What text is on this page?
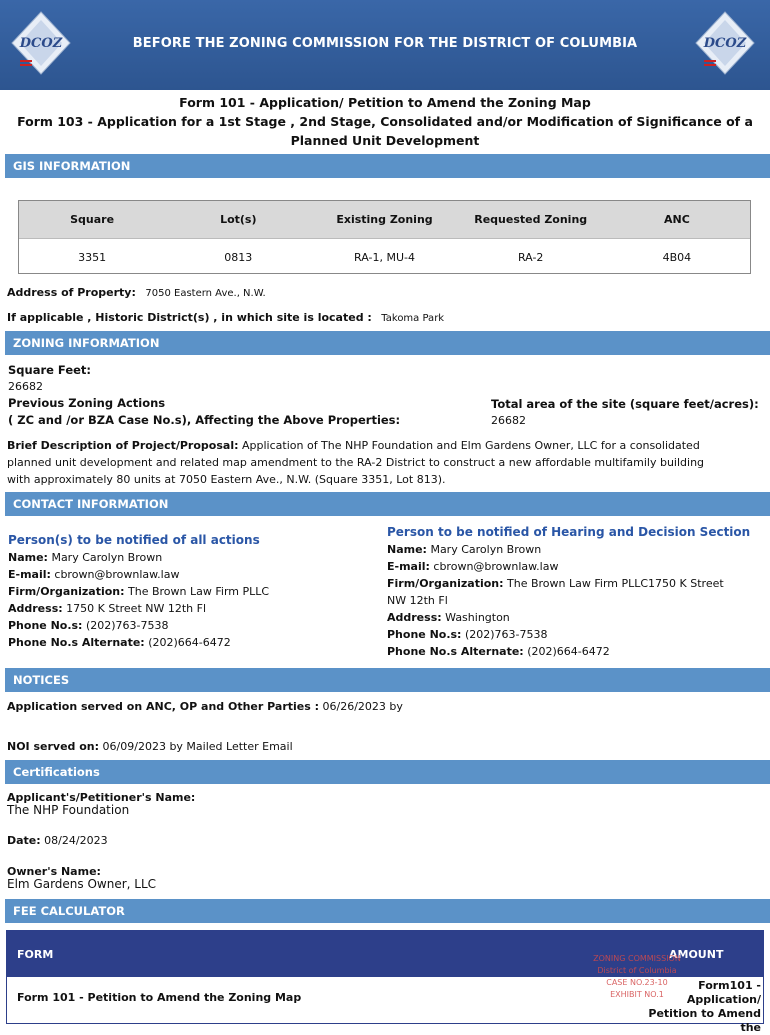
DCOZ	BEFORE THE ZONING COMMISSION FOR THE DISTRICT OF COLUMBIA	DCOZ
Form 101 - Application/ Petition to Amend the Zoning Map
Form 103 - Application for a 1st Stage , 2nd Stage, Consolidated and/or Modification of Significance of a
Planned Unit Development
GIS INFORMATION
Square	Lot(s)	Existing Zoning	Requested Zoning	ANC
3351	0813	RA-1, MU-4	RA-2	4B04
Address of Property: 7050 Eastern Ave., N.W.
If applicable , Historic District(s) , in which site is located : Takoma Park
ZONING INFORMATION
Square Feet:
26682
Previous Zoning Actions
( ZC and /or BZA Case No.s), Affecting the Above Properties:
Total area of the site (square feet/acres):
26682
Brief Description of Project/Proposal: Application of The NHP Foundation and Elm Gardens Owner, LLC for a consolidated
planned unit development and related map amendment to the RA-2 District to construct a new affordable multifamily building
with approximately 80 units at 7050 Eastern Ave., N.W. (Square 3351, Lot 813).
CONTACT INFORMATION
Person(s) to be notified of all actions
Name: Mary Carolyn Brown
E-mail: cbrown@brownlaw.law
Firm/Organization: The Brown Law Firm PLLC
Address: 1750 K Street NW 12th Fl
Phone No.s: (202)763-7538
Phone No.s Alternate: (202)664-6472
Person to be notified of Hearing and Decision Section
Name: Mary Carolyn Brown
E-mail: cbrown@brownlaw.law
Firm/Organization: The Brown Law Firm PLLC1750 K Street
NW 12th Fl
Address: Washington
Phone No.s: (202)763-7538
Phone No.s Alternate: (202)664-6472
NOTICES
Application served on ANC, OP and Other Parties : 06/26/2023 by
NOI served on: 06/09/2023 by Mailed Letter Email
Certifications
Applicant's/Petitioner's Name:
The NHP Foundation
Date: 08/24/2023
Owner's Name:
Elm Gardens Owner, LLC
FEE CALCULATOR
FORM	AMOUNT
Form 101 - Petition to Amend the Zoning Map
Form101 - Application/
Petition to Amend the
ZONING COMMISSION
District of Columbia
CASE NO.23-10
EXHIBIT NO.1
